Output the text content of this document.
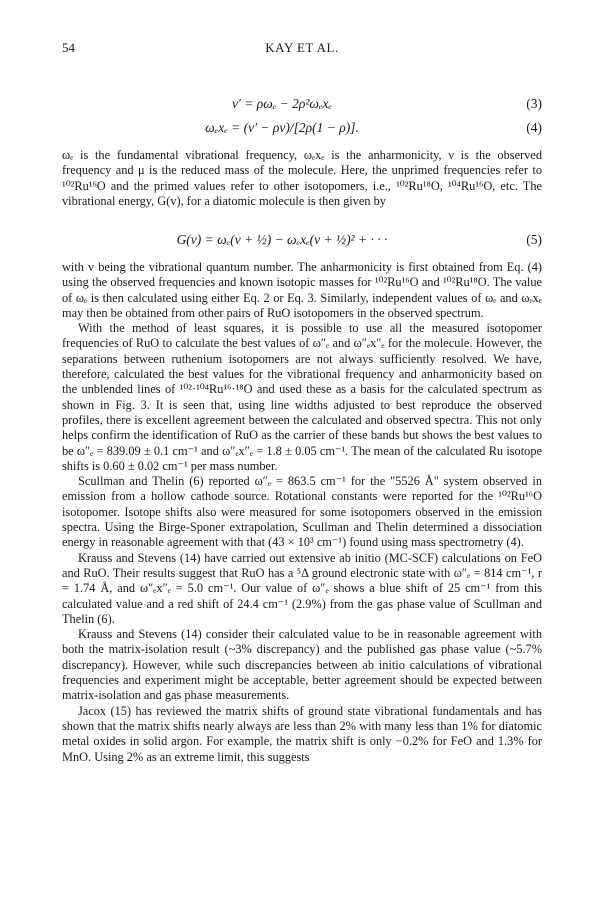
54	KAY ET AL.
ν′ = ρωₑ − 2ρ²ωₑxₑ	(3)
ωₑxₑ = (ν′ − ρν)/[2ρ(1 − ρ)].	(4)

ωₑ is the fundamental vibrational frequency, ωₑxₑ is the anharmonicity, ν is the observed frequency and μ is the reduced mass of the molecule. Here, the unprimed frequencies refer to ¹⁰²Ru¹⁶O and the primed values refer to other isotopomers, i.e., ¹⁰²Ru¹⁸O, ¹⁰⁴Ru¹⁶O, etc. The vibrational energy, G(v), for a diatomic molecule is then given by

G(v) = ωₑ(v + ½) − ωₑxₑ(v + ½)² + · · ·	(5)

with v being the vibrational quantum number. The anharmonicity is first obtained from Eq. (4) using the observed frequencies and known isotopic masses for ¹⁰²Ru¹⁶O and ¹⁰²Ru¹⁸O. The value of ωₑ is then calculated using either Eq. 2 or Eq. 3. Similarly, independent values of ωₑ and ωₑxₑ may then be obtained from other pairs of RuO isotopomers in the observed spectrum.

With the method of least squares, it is possible to use all the measured isotopomer frequencies of RuO to calculate the best values of ω″ₑ and ω″ₑx″ₑ for the molecule. However, the separations between ruthenium isotopomers are not always sufficiently resolved. We have, therefore, calculated the best values for the vibrational frequency and anharmonicity based on the unblended lines of ¹⁰²·¹⁰⁴Ru¹⁶·¹⁸O and used these as a basis for the calculated spectrum as shown in Fig. 3. It is seen that, using line widths adjusted to best reproduce the observed profiles, there is excellent agreement between the calculated and observed spectra. This not only helps confirm the identification of RuO as the carrier of these bands but shows the best values to be ω″ₑ = 839.09 ± 0.1 cm⁻¹ and ω″ₑx″ₑ = 1.8 ± 0.05 cm⁻¹. The mean of the calculated Ru isotope shifts is 0.60 ± 0.02 cm⁻¹ per mass number.

Scullman and Thelin (6) reported ω″ₑ = 863.5 cm⁻¹ for the "5526 Å" system observed in emission from a hollow cathode source. Rotational constants were reported for the ¹⁰²Ru¹⁶O isotopomer. Isotope shifts also were measured for some isotopomers observed in the emission spectra. Using the Birge-Sponer extrapolation, Scullman and Thelin determined a dissociation energy in reasonable agreement with that (43 × 10³ cm⁻¹) found using mass spectrometry (4).

Krauss and Stevens (14) have carried out extensive ab initio (MC-SCF) calculations on FeO and RuO. Their results suggest that RuO has a ⁵Δ ground electronic state with ω″ₑ = 814 cm⁻¹, r = 1.74 Å, and ω″ₑx″ₑ = 5.0 cm⁻¹. Our value of ω″ₑ shows a blue shift of 25 cm⁻¹ from this calculated value and a red shift of 24.4 cm⁻¹ (2.9%) from the gas phase value of Scullman and Thelin (6).

Krauss and Stevens (14) consider their calculated value to be in reasonable agreement with both the matrix-isolation result (~3% discrepancy) and the published gas phase value (~5.7% discrepancy). However, while such discrepancies between ab initio calculations of vibrational frequencies and experiment might be acceptable, better agreement should be expected between matrix-isolation and gas phase measurements.

Jacox (15) has reviewed the matrix shifts of ground state vibrational fundamentals and has shown that the matrix shifts nearly always are less than 2% with many less than 1% for diatomic metal oxides in solid argon. For example, the matrix shift is only −0.2% for FeO and 1.3% for MnO. Using 2% as an extreme limit, this suggests
